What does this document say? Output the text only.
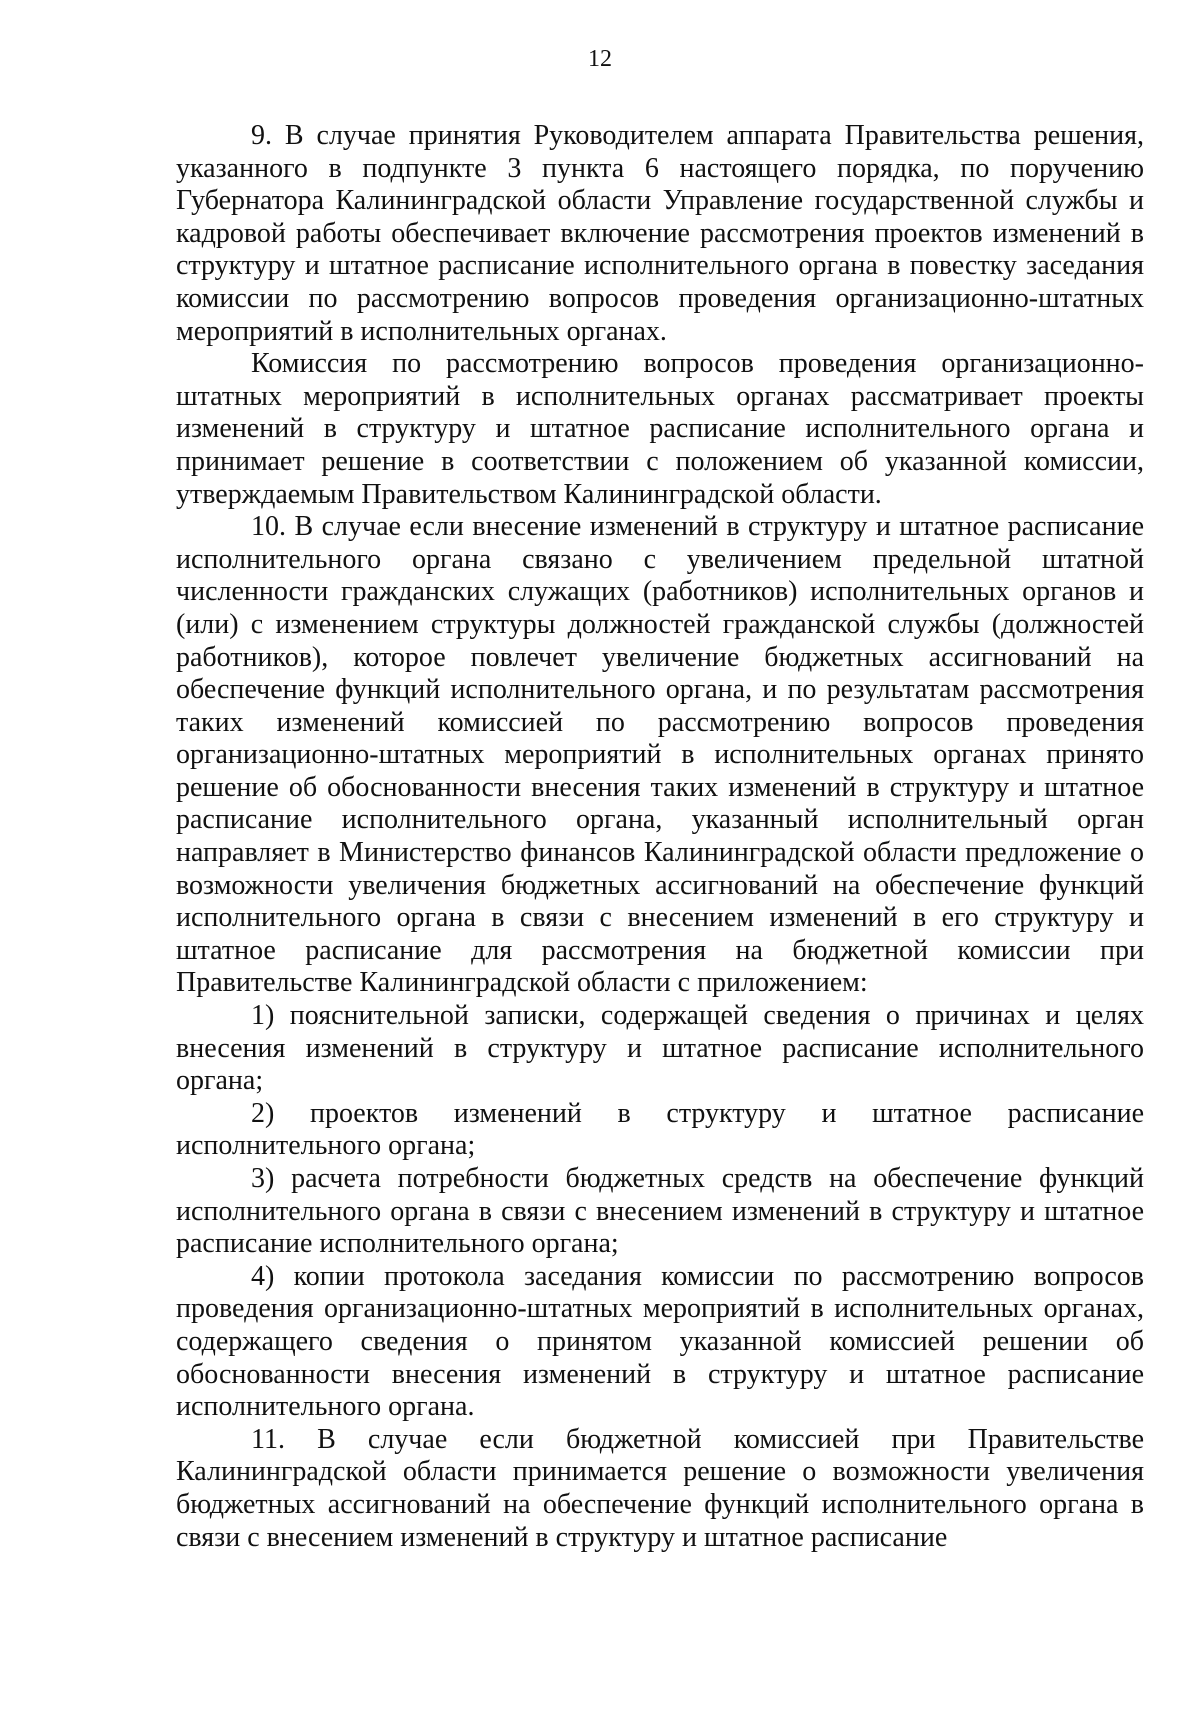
12

9. В случае принятия Руководителем аппарата Правительства решения, указанного в подпункте 3 пункта 6 настоящего порядка, по поручению Губернатора Калининградской области Управление государственной службы и кадровой работы обеспечивает включение рассмотрения проектов изменений в структуру и штатное расписание исполнительного органа в повестку заседания комиссии по рассмотрению вопросов проведения организационно-штатных мероприятий в исполнительных органах.

Комиссия по рассмотрению вопросов проведения организационно-штатных мероприятий в исполнительных органах рассматривает проекты изменений в структуру и штатное расписание исполнительного органа и принимает решение в соответствии с положением об указанной комиссии, утверждаемым Правительством Калининградской области.

10. В случае если внесение изменений в структуру и штатное расписание исполнительного органа связано с увеличением предельной штатной численности гражданских служащих (работников) исполнительных органов и (или) с изменением структуры должностей гражданской службы (должностей работников), которое повлечет увеличение бюджетных ассигнований на обеспечение функций исполнительного органа, и по результатам рассмотрения таких изменений комиссией по рассмотрению вопросов проведения организационно-штатных мероприятий в исполнительных органах принято решение об обоснованности внесения таких изменений в структуру и штатное расписание исполнительного органа, указанный исполнительный орган направляет в Министерство финансов Калининградской области предложение о возможности увеличения бюджетных ассигнований на обеспечение функций исполнительного органа в связи с внесением изменений в его структуру и штатное расписание для рассмотрения на бюджетной комиссии при Правительстве Калининградской области с приложением:

1) пояснительной записки, содержащей сведения о причинах и целях внесения изменений в структуру и штатное расписание исполнительного органа;

2) проектов изменений в структуру и штатное расписание исполнительного органа;

3) расчета потребности бюджетных средств на обеспечение функций исполнительного органа в связи с внесением изменений в структуру и штатное расписание исполнительного органа;

4) копии протокола заседания комиссии по рассмотрению вопросов проведения организационно-штатных мероприятий в исполнительных органах, содержащего сведения о принятом указанной комиссией решении об обоснованности внесения изменений в структуру и штатное расписание исполнительного органа.

11. В случае если бюджетной комиссией при Правительстве Калининградской области принимается решение о возможности увеличения бюджетных ассигнований на обеспечение функций исполнительного органа в связи с внесением изменений в структуру и штатное расписание
